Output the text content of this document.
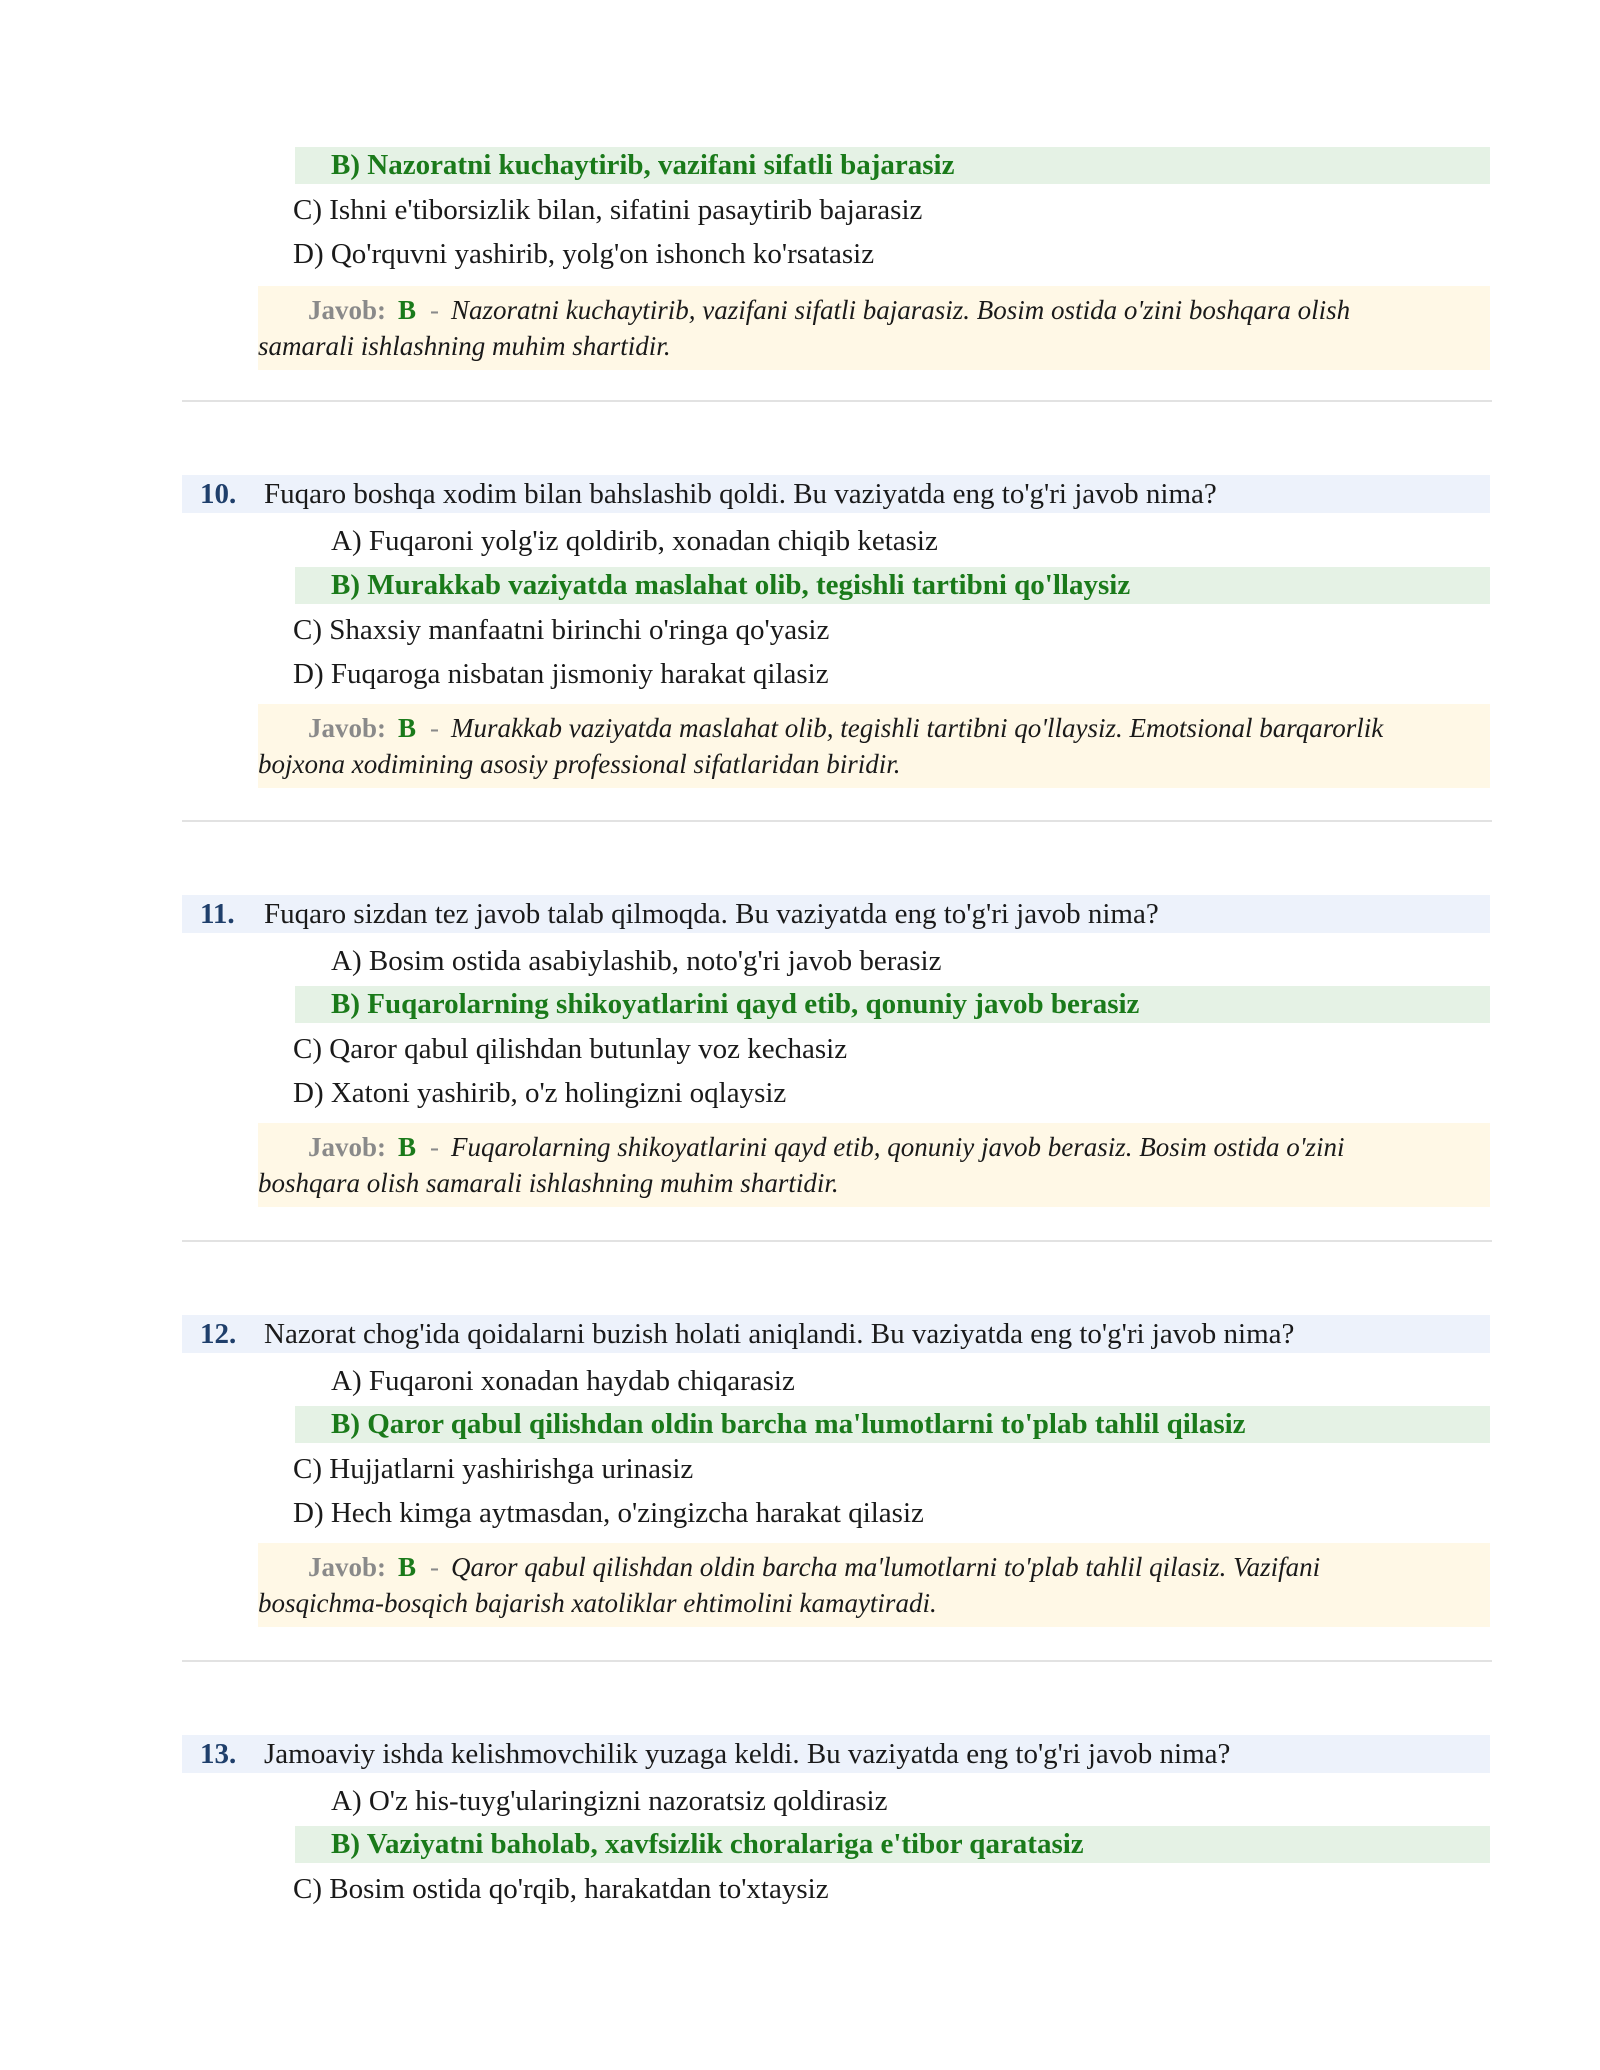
B) Nazoratni kuchaytirib, vazifani sifatli bajarasiz
C) Ishni e'tiborsizlik bilan, sifatini pasaytirib bajarasiz
D) Qo'rquvni yashirib, yolg'on ishonch ko'rsatasiz
Javob: B - Nazoratni kuchaytirib, vazifani sifatli bajarasiz. Bosim ostida o'zini boshqara olish
samarali ishlashning muhim shartidir.
10. Fuqaro boshqa xodim bilan bahslashib qoldi. Bu vaziyatda eng to'g'ri javob nima?
A) Fuqaroni yolg'iz qoldirib, xonadan chiqib ketasiz
B) Murakkab vaziyatda maslahat olib, tegishli tartibni qo'llaysiz
C) Shaxsiy manfaatni birinchi o'ringa qo'yasiz
D) Fuqaroga nisbatan jismoniy harakat qilasiz
Javob: B - Murakkab vaziyatda maslahat olib, tegishli tartibni qo'llaysiz. Emotsional barqarorlik
bojxona xodimining asosiy professional sifatlaridan biridir.
11. Fuqaro sizdan tez javob talab qilmoqda. Bu vaziyatda eng to'g'ri javob nima?
A) Bosim ostida asabiylashib, noto'g'ri javob berasiz
B) Fuqarolarning shikoyatlarini qayd etib, qonuniy javob berasiz
C) Qaror qabul qilishdan butunlay voz kechasiz
D) Xatoni yashirib, o'z holingizni oqlaysiz
Javob: B - Fuqarolarning shikoyatlarini qayd etib, qonuniy javob berasiz. Bosim ostida o'zini
boshqara olish samarali ishlashning muhim shartidir.
12. Nazorat chog'ida qoidalarni buzish holati aniqlandi. Bu vaziyatda eng to'g'ri javob nima?
A) Fuqaroni xonadan haydab chiqarasiz
B) Qaror qabul qilishdan oldin barcha ma'lumotlarni to'plab tahlil qilasiz
C) Hujjatlarni yashirishga urinasiz
D) Hech kimga aytmasdan, o'zingizcha harakat qilasiz
Javob: B - Qaror qabul qilishdan oldin barcha ma'lumotlarni to'plab tahlil qilasiz. Vazifani
bosqichma-bosqich bajarish xatoliklar ehtimolini kamaytiradi.
13. Jamoaviy ishda kelishmovchilik yuzaga keldi. Bu vaziyatda eng to'g'ri javob nima?
A) O'z his-tuyg'ularingizni nazoratsiz qoldirasiz
B) Vaziyatni baholab, xavfsizlik choralariga e'tibor qaratasiz
C) Bosim ostida qo'rqib, harakatdan to'xtaysiz
